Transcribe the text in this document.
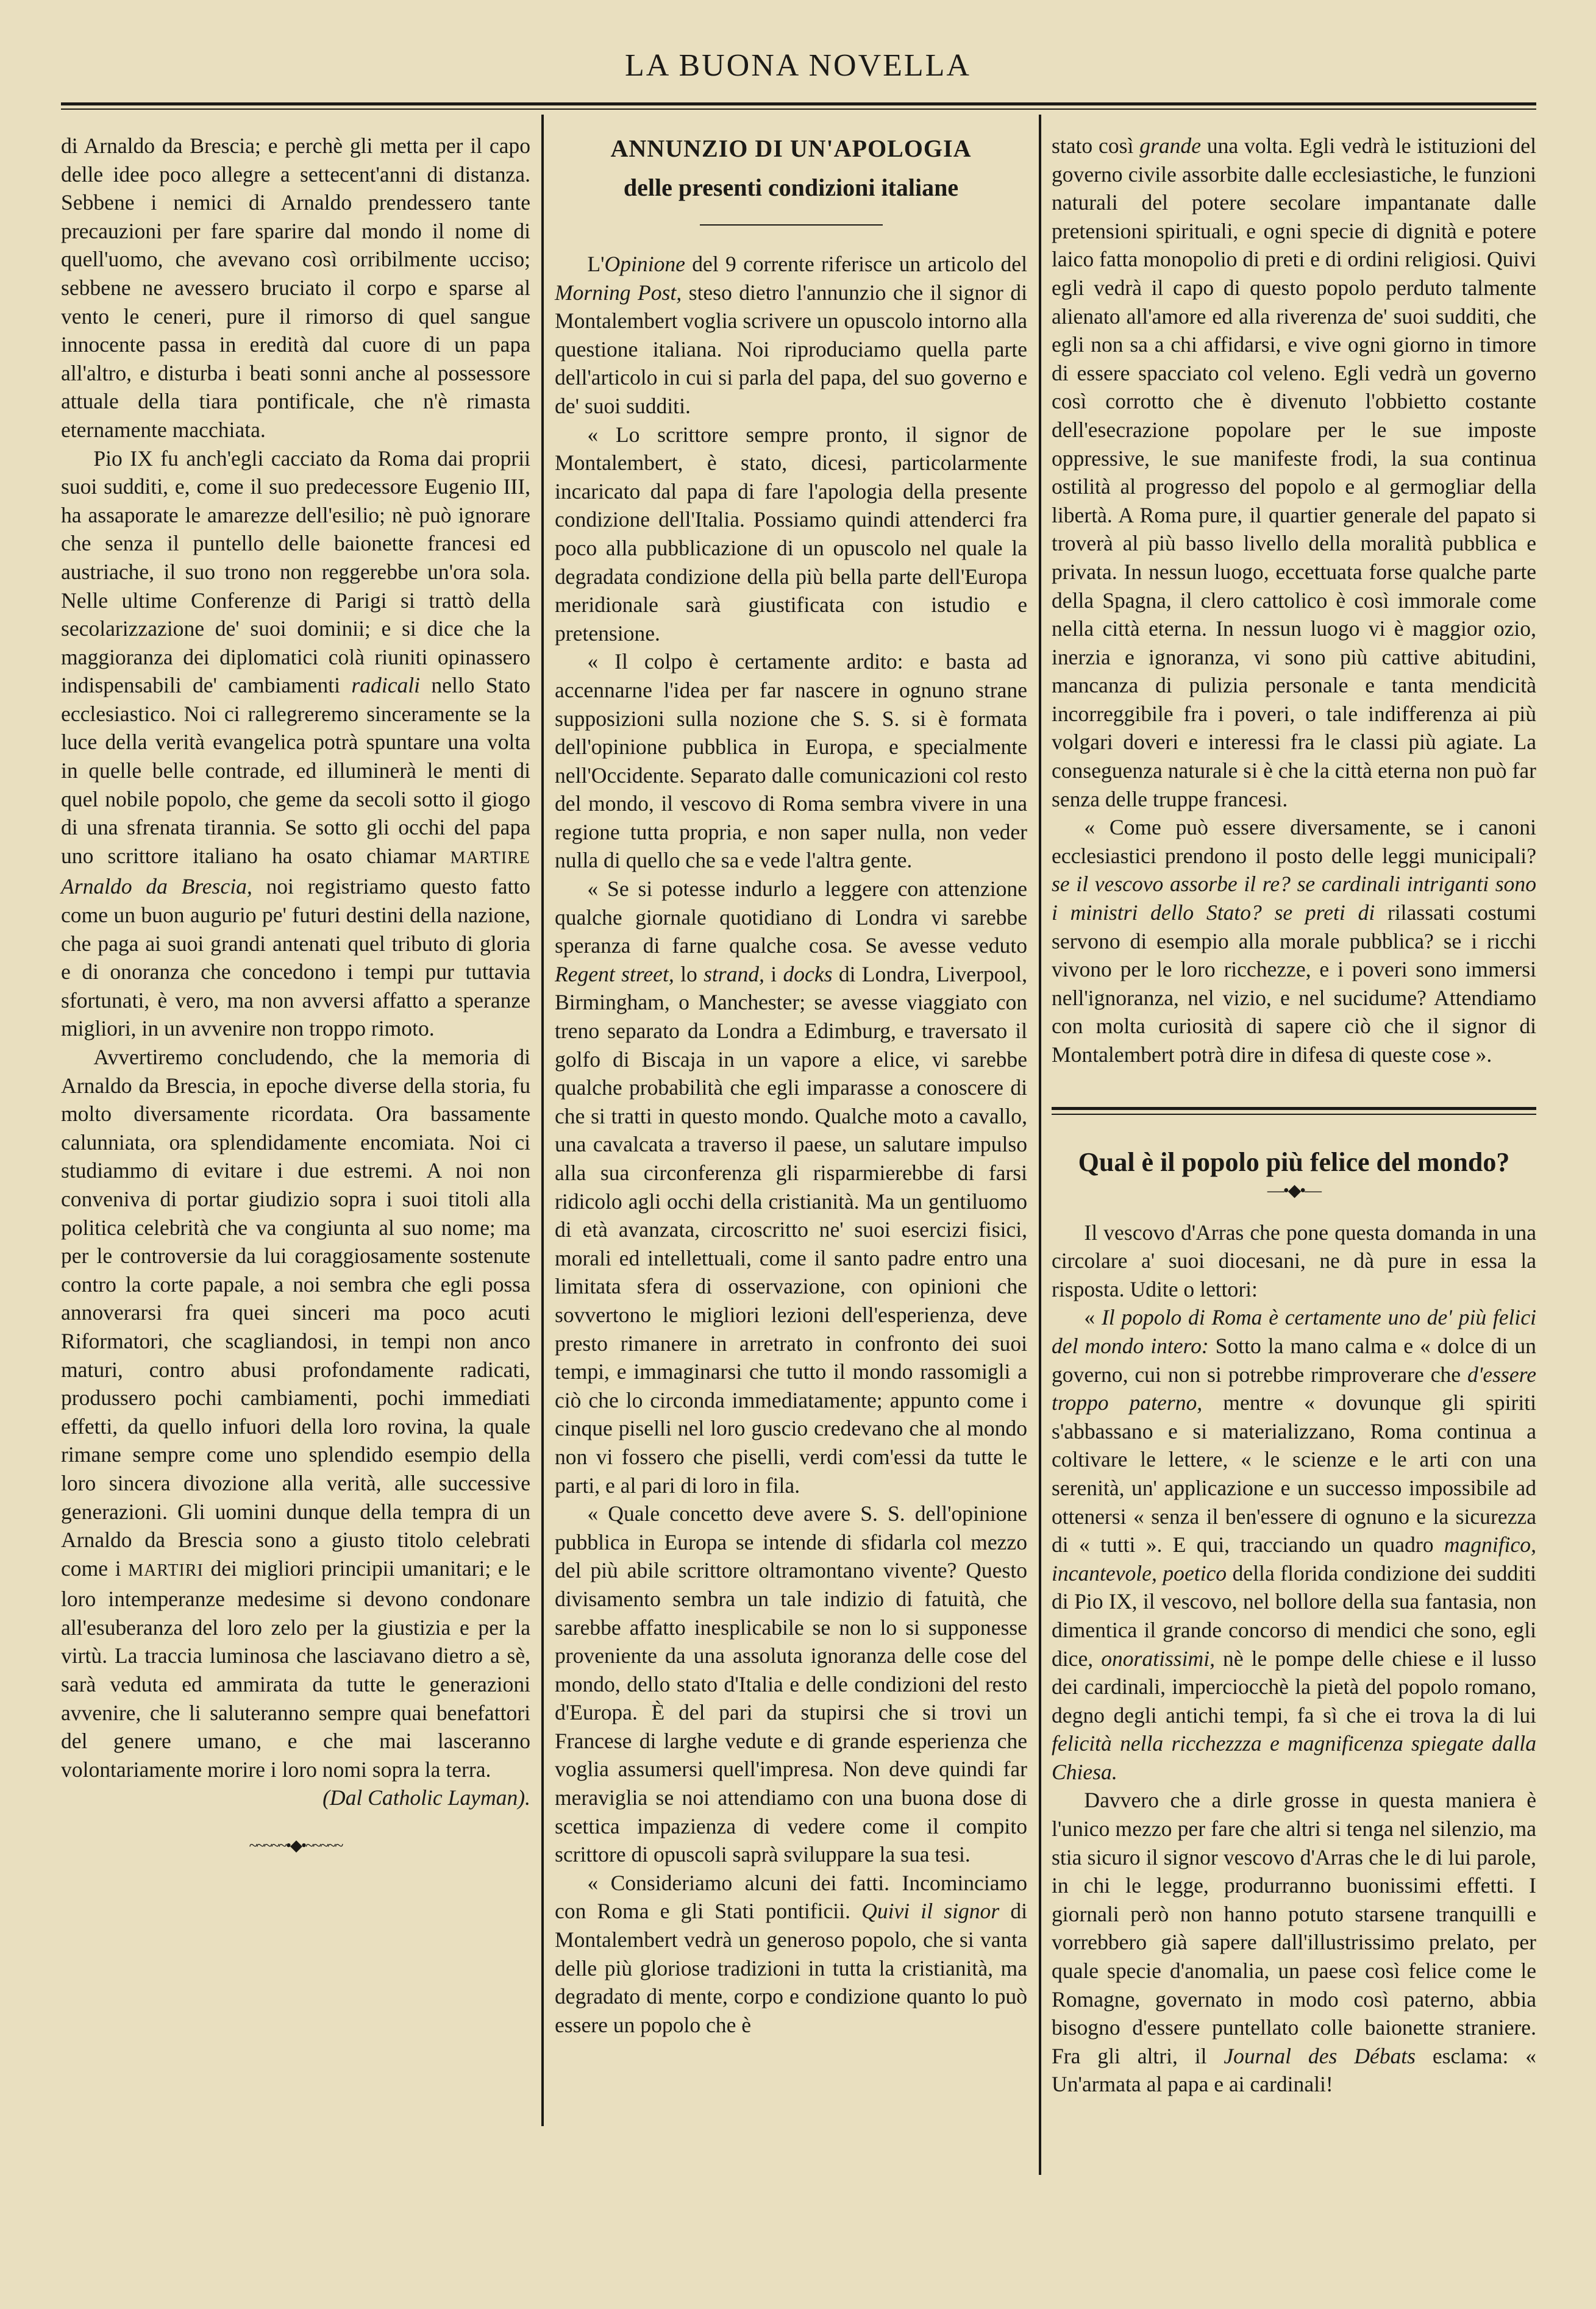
LA BUONA NOVELLA

di Arnaldo da Brescia; e perchè gli metta per il capo delle idee poco allegre a settecent'anni di distanza. Sebbene i nemici di Arnaldo prendessero tante precauzioni per fare sparire dal mondo il nome di quell'uomo, che avevano così orribilmente ucciso; sebbene ne avessero bruciato il corpo e sparse al vento le ceneri, pure il rimorso di quel sangue innocente passa in eredità dal cuore di un papa all'altro, e disturba i beati sonni anche al possessore attuale della tiara pontificale, che n'è rimasta eternamente macchiata.

Pio IX fu anch'egli cacciato da Roma dai proprii suoi sudditi, e, come il suo predecessore Eugenio III, ha assaporate le amarezze dell'esilio; nè può ignorare che senza il puntello delle baionette francesi ed austriache, il suo trono non reggerebbe un'ora sola. Nelle ultime Conferenze di Parigi si trattò della secolarizzazione de' suoi dominii; e si dice che la maggioranza dei diplomatici colà riuniti opinassero indispensabili de' cambiamenti radicali nello Stato ecclesiastico. Noi ci rallegreremo sinceramente se la luce della verità evangelica potrà spuntare una volta in quelle belle contrade, ed illuminerà le menti di quel nobile popolo, che geme da secoli sotto il giogo di una sfrenata tirannia. Se sotto gli occhi del papa uno scrittore italiano ha osato chiamar MARTIRE Arnaldo da Brescia, noi registriamo questo fatto come un buon augurio pe' futuri destini della nazione, che paga ai suoi grandi antenati quel tributo di gloria e di onoranza che concedono i tempi pur tuttavia sfortunati, è vero, ma non avversi affatto a speranze migliori, in un avvenire non troppo rimoto.

Avvertiremo concludendo, che la memoria di Arnaldo da Brescia, in epoche diverse della storia, fu molto diversamente ricordata. Ora bassamente calunniata, ora splendidamente encomiata. Noi ci studiammo di evitare i due estremi. A noi non conveniva di portar giudizio sopra i suoi titoli alla politica celebrità che va congiunta al suo nome; ma per le controversie da lui coraggiosamente sostenute contro la corte papale, a noi sembra che egli possa annoverarsi fra quei sinceri ma poco acuti Riformatori, che scagliandosi, in tempi non anco maturi, contro abusi profondamente radicati, produssero pochi cambiamenti, pochi immediati effetti, da quello infuori della loro rovina, la quale rimane sempre come uno splendido esempio della loro sincera divozione alla verità, alle successive generazioni. Gli uomini dunque della tempra di un Arnaldo da Brescia sono a giusto titolo celebrati come i MARTIRI dei migliori principii umanitari; e le loro intemperanze medesime si devono condonare all'esuberanza del loro zelo per la giustizia e per la virtù. La traccia luminosa che lasciavano dietro a sè, sarà veduta ed ammirata da tutte le generazioni avvenire, che li saluteranno sempre quai benefattori del genere umano, e che mai lasceranno volontariamente morire i loro nomi sopra la terra.

(Dal Catholic Layman).

~~~~~•◆•~~~~~
ANNUNZIO DI UN'APOLOGIA
delle presenti condizioni italiane

L'Opinione del 9 corrente riferisce un articolo del Morning Post, steso dietro l'annunzio che il signor di Montalembert voglia scrivere un opuscolo intorno alla questione italiana. Noi riproduciamo quella parte dell'articolo in cui si parla del papa, del suo governo e de' suoi sudditi.

« Lo scrittore sempre pronto, il signor de Montalembert, è stato, dicesi, particolarmente incaricato dal papa di fare l'apologia della presente condizione dell'Italia. Possiamo quindi attenderci fra poco alla pubblicazione di un opuscolo nel quale la degradata condizione della più bella parte dell'Europa meridionale sarà giustificata con istudio e pretensione.

« Il colpo è certamente ardito: e basta ad accennarne l'idea per far nascere in ognuno strane supposizioni sulla nozione che S. S. si è formata dell'opinione pubblica in Europa, e specialmente nell'Occidente. Separato dalle comunicazioni col resto del mondo, il vescovo di Roma sembra vivere in una regione tutta propria, e non saper nulla, non veder nulla di quello che sa e vede l'altra gente.

« Se si potesse indurlo a leggere con attenzione qualche giornale quotidiano di Londra vi sarebbe speranza di farne qualche cosa. Se avesse veduto Regent street, lo strand, i docks di Londra, Liverpool, Birmingham, o Manchester; se avesse viaggiato con treno separato da Londra a Edimburg, e traversato il golfo di Biscaja in un vapore a elice, vi sarebbe qualche probabilità che egli imparasse a conoscere di che si tratti in questo mondo. Qualche moto a cavallo, una cavalcata a traverso il paese, un salutare impulso alla sua circonferenza gli risparmierebbe di farsi ridicolo agli occhi della cristianità. Ma un gentiluomo di età avanzata, circoscritto ne' suoi esercizi fisici, morali ed intellettuali, come il santo padre entro una limitata sfera di osservazione, con opinioni che sovvertono le migliori lezioni dell'esperienza, deve presto rimanere in arretrato in confronto dei suoi tempi, e immaginarsi che tutto il mondo rassomigli a ciò che lo circonda immediatamente; appunto come i cinque piselli nel loro guscio credevano che al mondo non vi fossero che piselli, verdi com'essi da tutte le parti, e al pari di loro in fila.

« Quale concetto deve avere S. S. dell'opinione pubblica in Europa se intende di sfidarla col mezzo del più abile scrittore oltramontano vivente? Questo divisamento sembra un tale indizio di fatuità, che sarebbe affatto inesplicabile se non lo si supponesse proveniente da una assoluta ignoranza delle cose del mondo, dello stato d'Italia e delle condizioni del resto d'Europa. È del pari da stupirsi che si trovi un Francese di larghe vedute e di grande esperienza che voglia assumersi quell'impresa. Non deve quindi far meraviglia se noi attendiamo con una buona dose di scettica impazienza di vedere come il compito scrittore di opuscoli saprà sviluppare la sua tesi.

« Consideriamo alcuni dei fatti. Incominciamo con Roma e gli Stati pontificii. Quivi il signor di Montalembert vedrà un generoso popolo, che si vanta delle più gloriose tradizioni in tutta la cristianità, ma degradato di mente, corpo e condizione quanto lo può essere un popolo che è

stato così grande una volta. Egli vedrà le istituzioni del governo civile assorbite dalle ecclesiastiche, le funzioni naturali del potere secolare impantanate dalle pretensioni spirituali, e ogni specie di dignità e potere laico fatta monopolio di preti e di ordini religiosi. Quivi egli vedrà il capo di questo popolo perduto talmente alienato all'amore ed alla riverenza de' suoi sudditi, che egli non sa a chi affidarsi, e vive ogni giorno in timore di essere spacciato col veleno. Egli vedrà un governo così corrotto che è divenuto l'obbietto costante dell'esecrazione popolare per le sue imposte oppressive, le sue manifeste frodi, la sua continua ostilità al progresso del popolo e al germogliar della libertà. A Roma pure, il quartier generale del papato si troverà al più basso livello della moralità pubblica e privata. In nessun luogo, eccettuata forse qualche parte della Spagna, il clero cattolico è così immorale come nella città eterna. In nessun luogo vi è maggior ozio, inerzia e ignoranza, vi sono più cattive abitudini, mancanza di pulizia personale e tanta mendicità incorreggibile fra i poveri, o tale indifferenza ai più volgari doveri e interessi fra le classi più agiate. La conseguenza naturale si è che la città eterna non può far senza delle truppe francesi.

« Come può essere diversamente, se i canoni ecclesiastici prendono il posto delle leggi municipali? se il vescovo assorbe il re? se cardinali intriganti sono i ministri dello Stato? se preti di rilassati costumi servono di esempio alla morale pubblica? se i ricchi vivono per le loro ricchezze, e i poveri sono immersi nell'ignoranza, nel vizio, e nel sucidume? Attendiamo con molta curiosità di sapere ciò che il signor di Montalembert potrà dire in difesa di queste cose ».

Qual è il popolo più felice del mondo?
—•◆•—

Il vescovo d'Arras che pone questa domanda in una circolare a' suoi diocesani, ne dà pure in essa la risposta. Udite o lettori:

« Il popolo di Roma è certamente uno de' più felici del mondo intero: Sotto la mano calma e « dolce di un governo, cui non si potrebbe rimproverare che d'essere troppo paterno, mentre « dovunque gli spiriti s'abbassano e si materializzano, Roma continua a coltivare le lettere, « le scienze e le arti con una serenità, un' applicazione e un successo impossibile ad ottenersi « senza il ben'essere di ognuno e la sicurezza di « tutti ». E qui, tracciando un quadro magnifico, incantevole, poetico della florida condizione dei sudditi di Pio IX, il vescovo, nel bollore della sua fantasia, non dimentica il grande concorso di mendici che sono, egli dice, onoratissimi, nè le pompe delle chiese e il lusso dei cardinali, imperciocchè la pietà del popolo romano, degno degli antichi tempi, fa sì che ei trova la di lui felicità nella ricchezzza e magnificenza spiegate dalla Chiesa.

Davvero che a dirle grosse in questa maniera è l'unico mezzo per fare che altri si tenga nel silenzio, ma stia sicuro il signor vescovo d'Arras che le di lui parole, in chi le legge, produrranno buonissimi effetti. I giornali però non hanno potuto starsene tranquilli e vorrebbero già sapere dall'illustrissimo prelato, per quale specie d'anomalia, un paese così felice come le Romagne, governato in modo così paterno, abbia bisogno d'essere puntellato colle baionette straniere. Fra gli altri, il Journal des Débats esclama: « Un'armata al papa e ai cardinali!
